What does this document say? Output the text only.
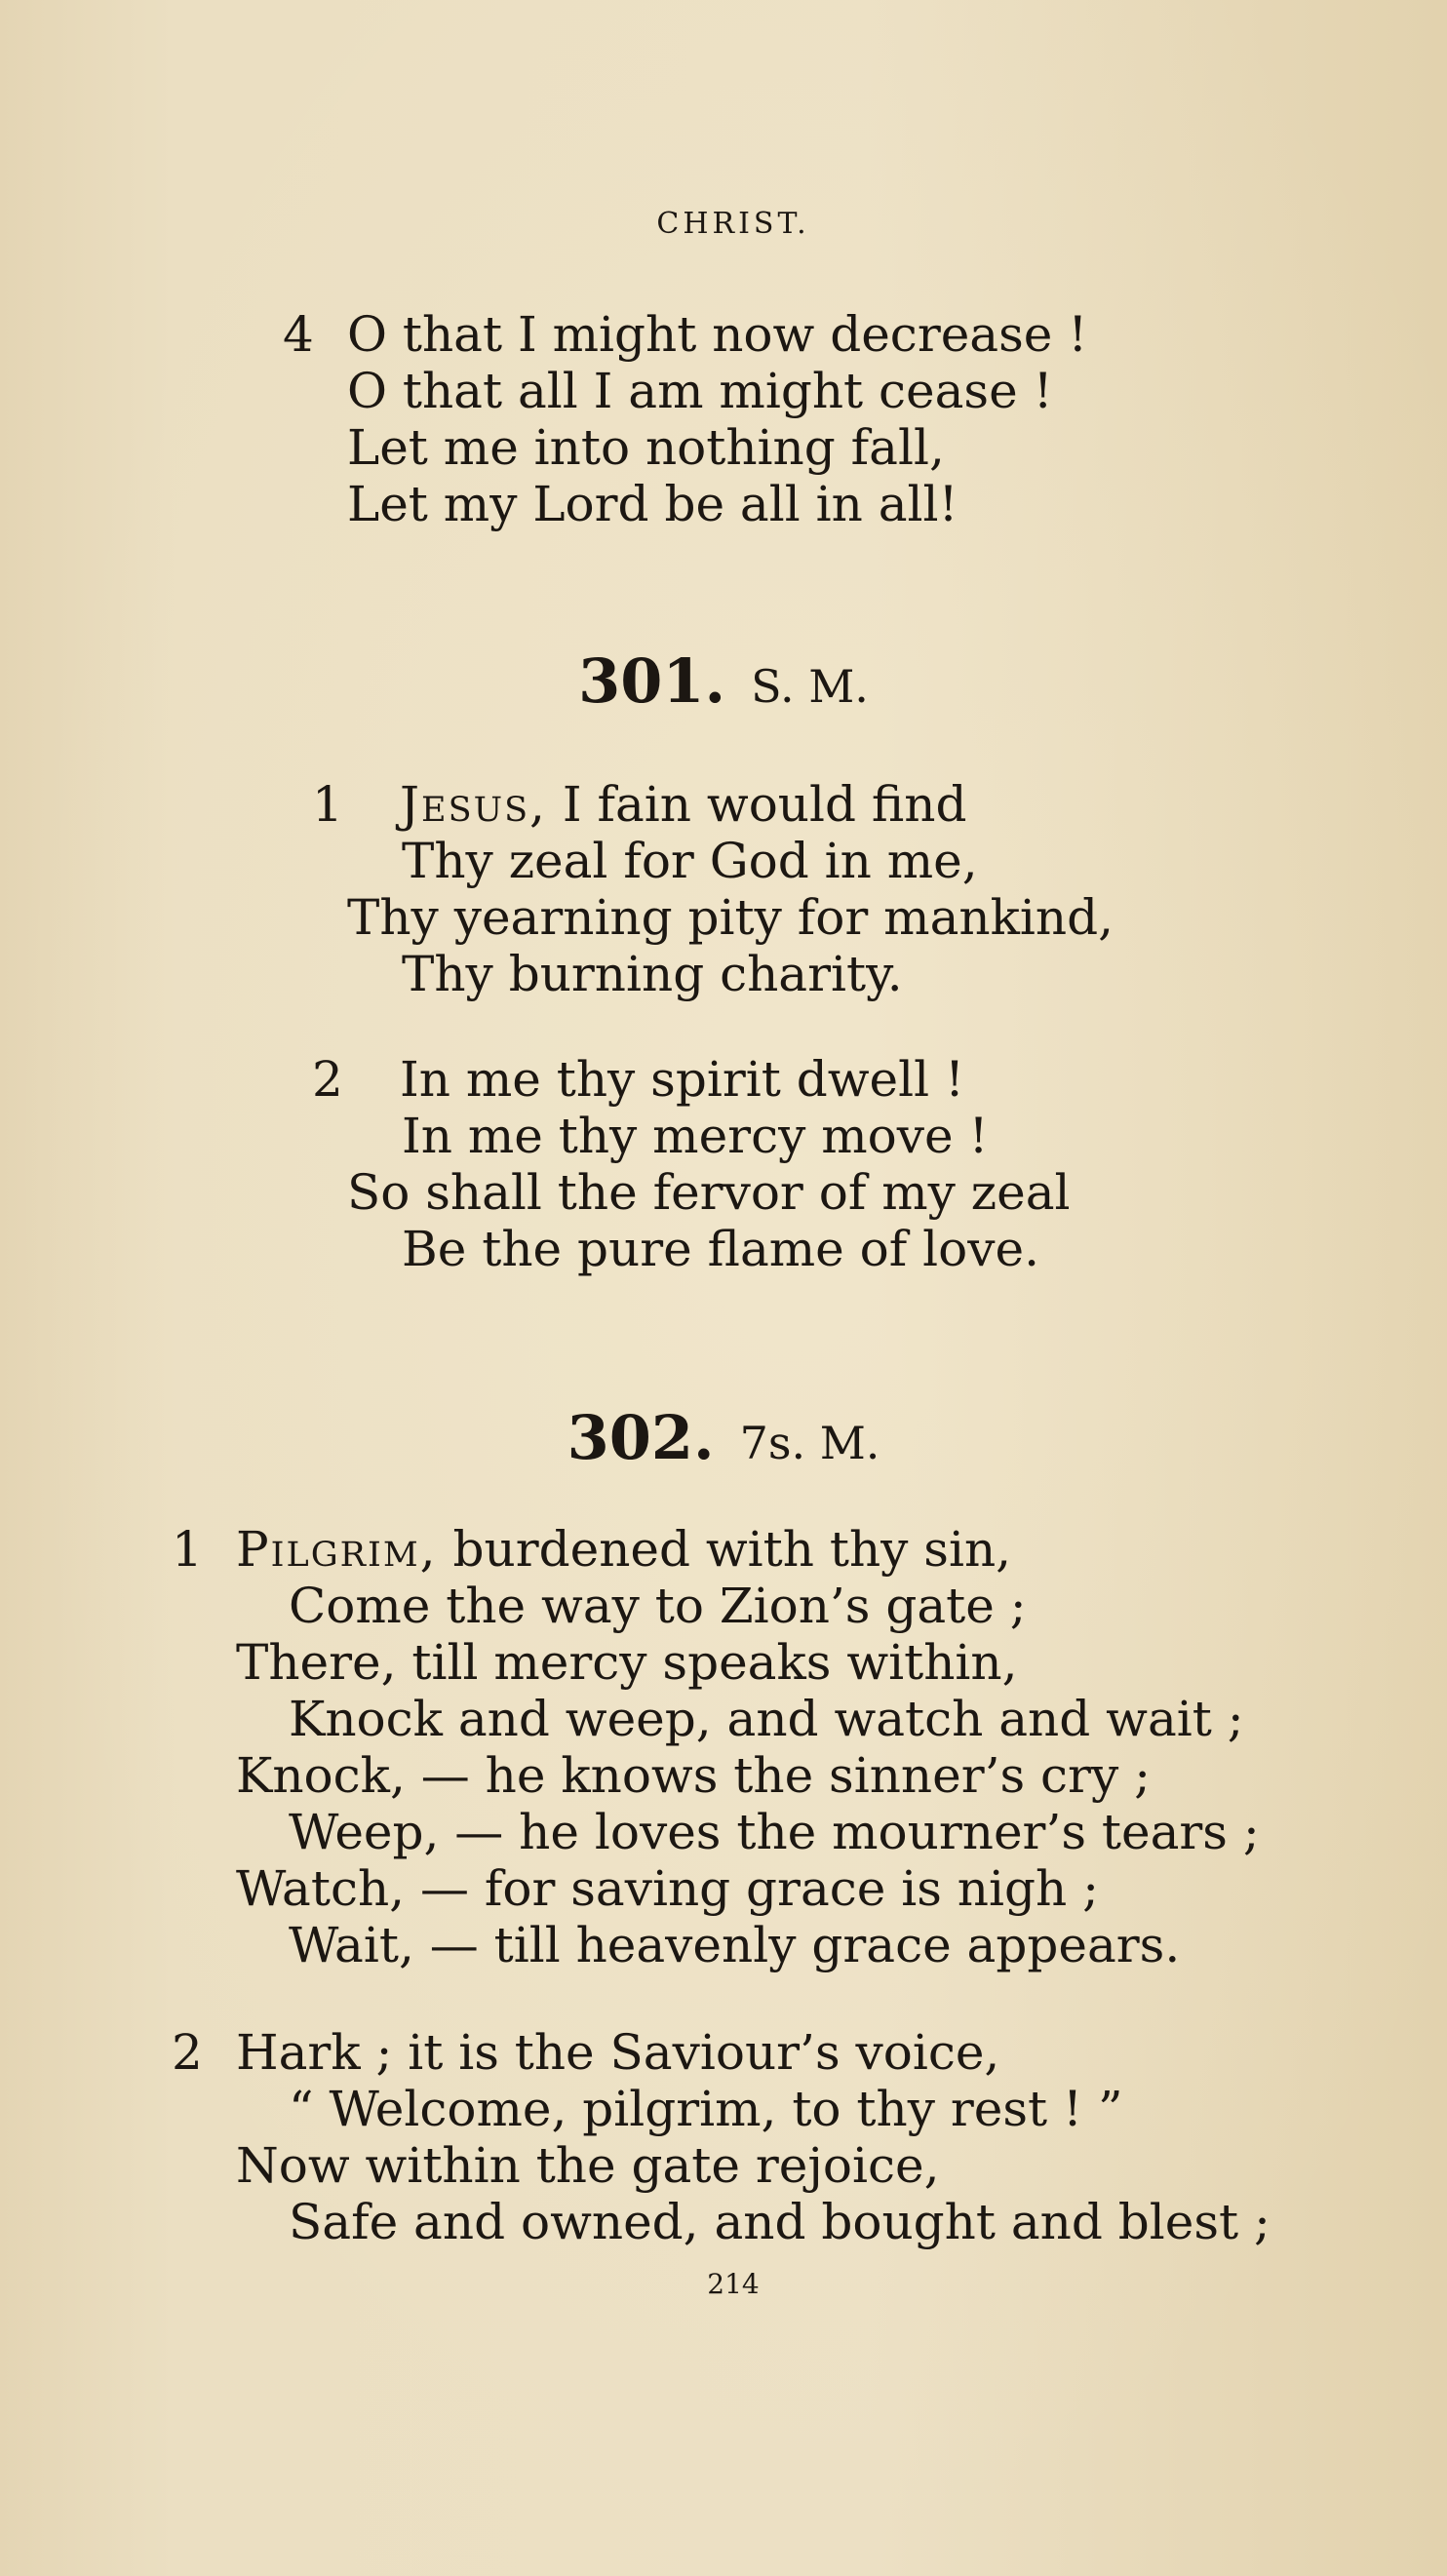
CHRIST.
4 O that I might now decrease !
O that all I am might cease !
Let me into nothing fall,
Let my Lord be all in all!
301. S. M.
1 Jesus, I fain would find
Thy zeal for God in me,
Thy yearning pity for mankind,
Thy burning charity.
2 In me thy spirit dwell !
In me thy mercy move !
So shall the fervor of my zeal
Be the pure flame of love.
302. 7s. M.
1 Pilgrim, burdened with thy sin,
Come the way to Zion’s gate ;
There, till mercy speaks within,
Knock and weep, and watch and wait ;
Knock, — he knows the sinner’s cry ;
Weep, — he loves the mourner’s tears ;
Watch, — for saving grace is nigh ;
Wait, — till heavenly grace appears.
2 Hark ; it is the Saviour’s voice,
“ Welcome, pilgrim, to thy rest ! ”
Now within the gate rejoice,
Safe and owned, and bought and blest ;
214
